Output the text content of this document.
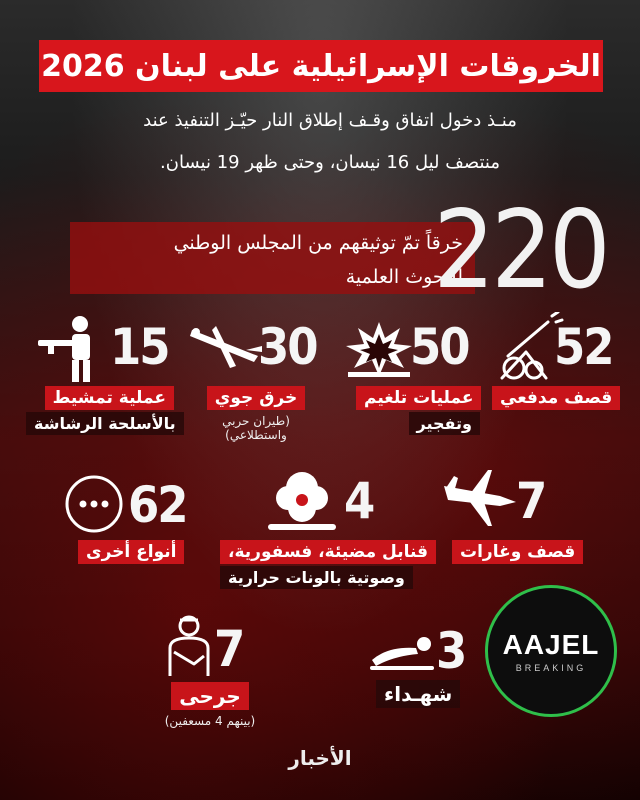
الخروقات الإسرائيلية على لبنان 2026
منـذ دخول اتفاق وقـف إطلاق النار حيّـز التنفيذ عند
منتصف ليل 16 نيسان، وحتى ظهر 19 نيسان.
خرقاً تمّ توثيقهم من المجلس الوطني
للبحوث العلمية
220
52
قصف مدفعي
50
عمليات تلغيم
وتفجير
30
خرق جوي
(طيران حربي
واستطلاعي)
15
عملية تمشيط
بالأسلحة الرشاشة
7
قصف وغارات
4
قنابل مضيئة، فسفورية،
وصوتية بالونات حرارية
62
أنواع أخرى
AAJEL
BREAKING
3
شهـداء
7
جرحى
(بينهم 4 مسعفين)
الأخبار
